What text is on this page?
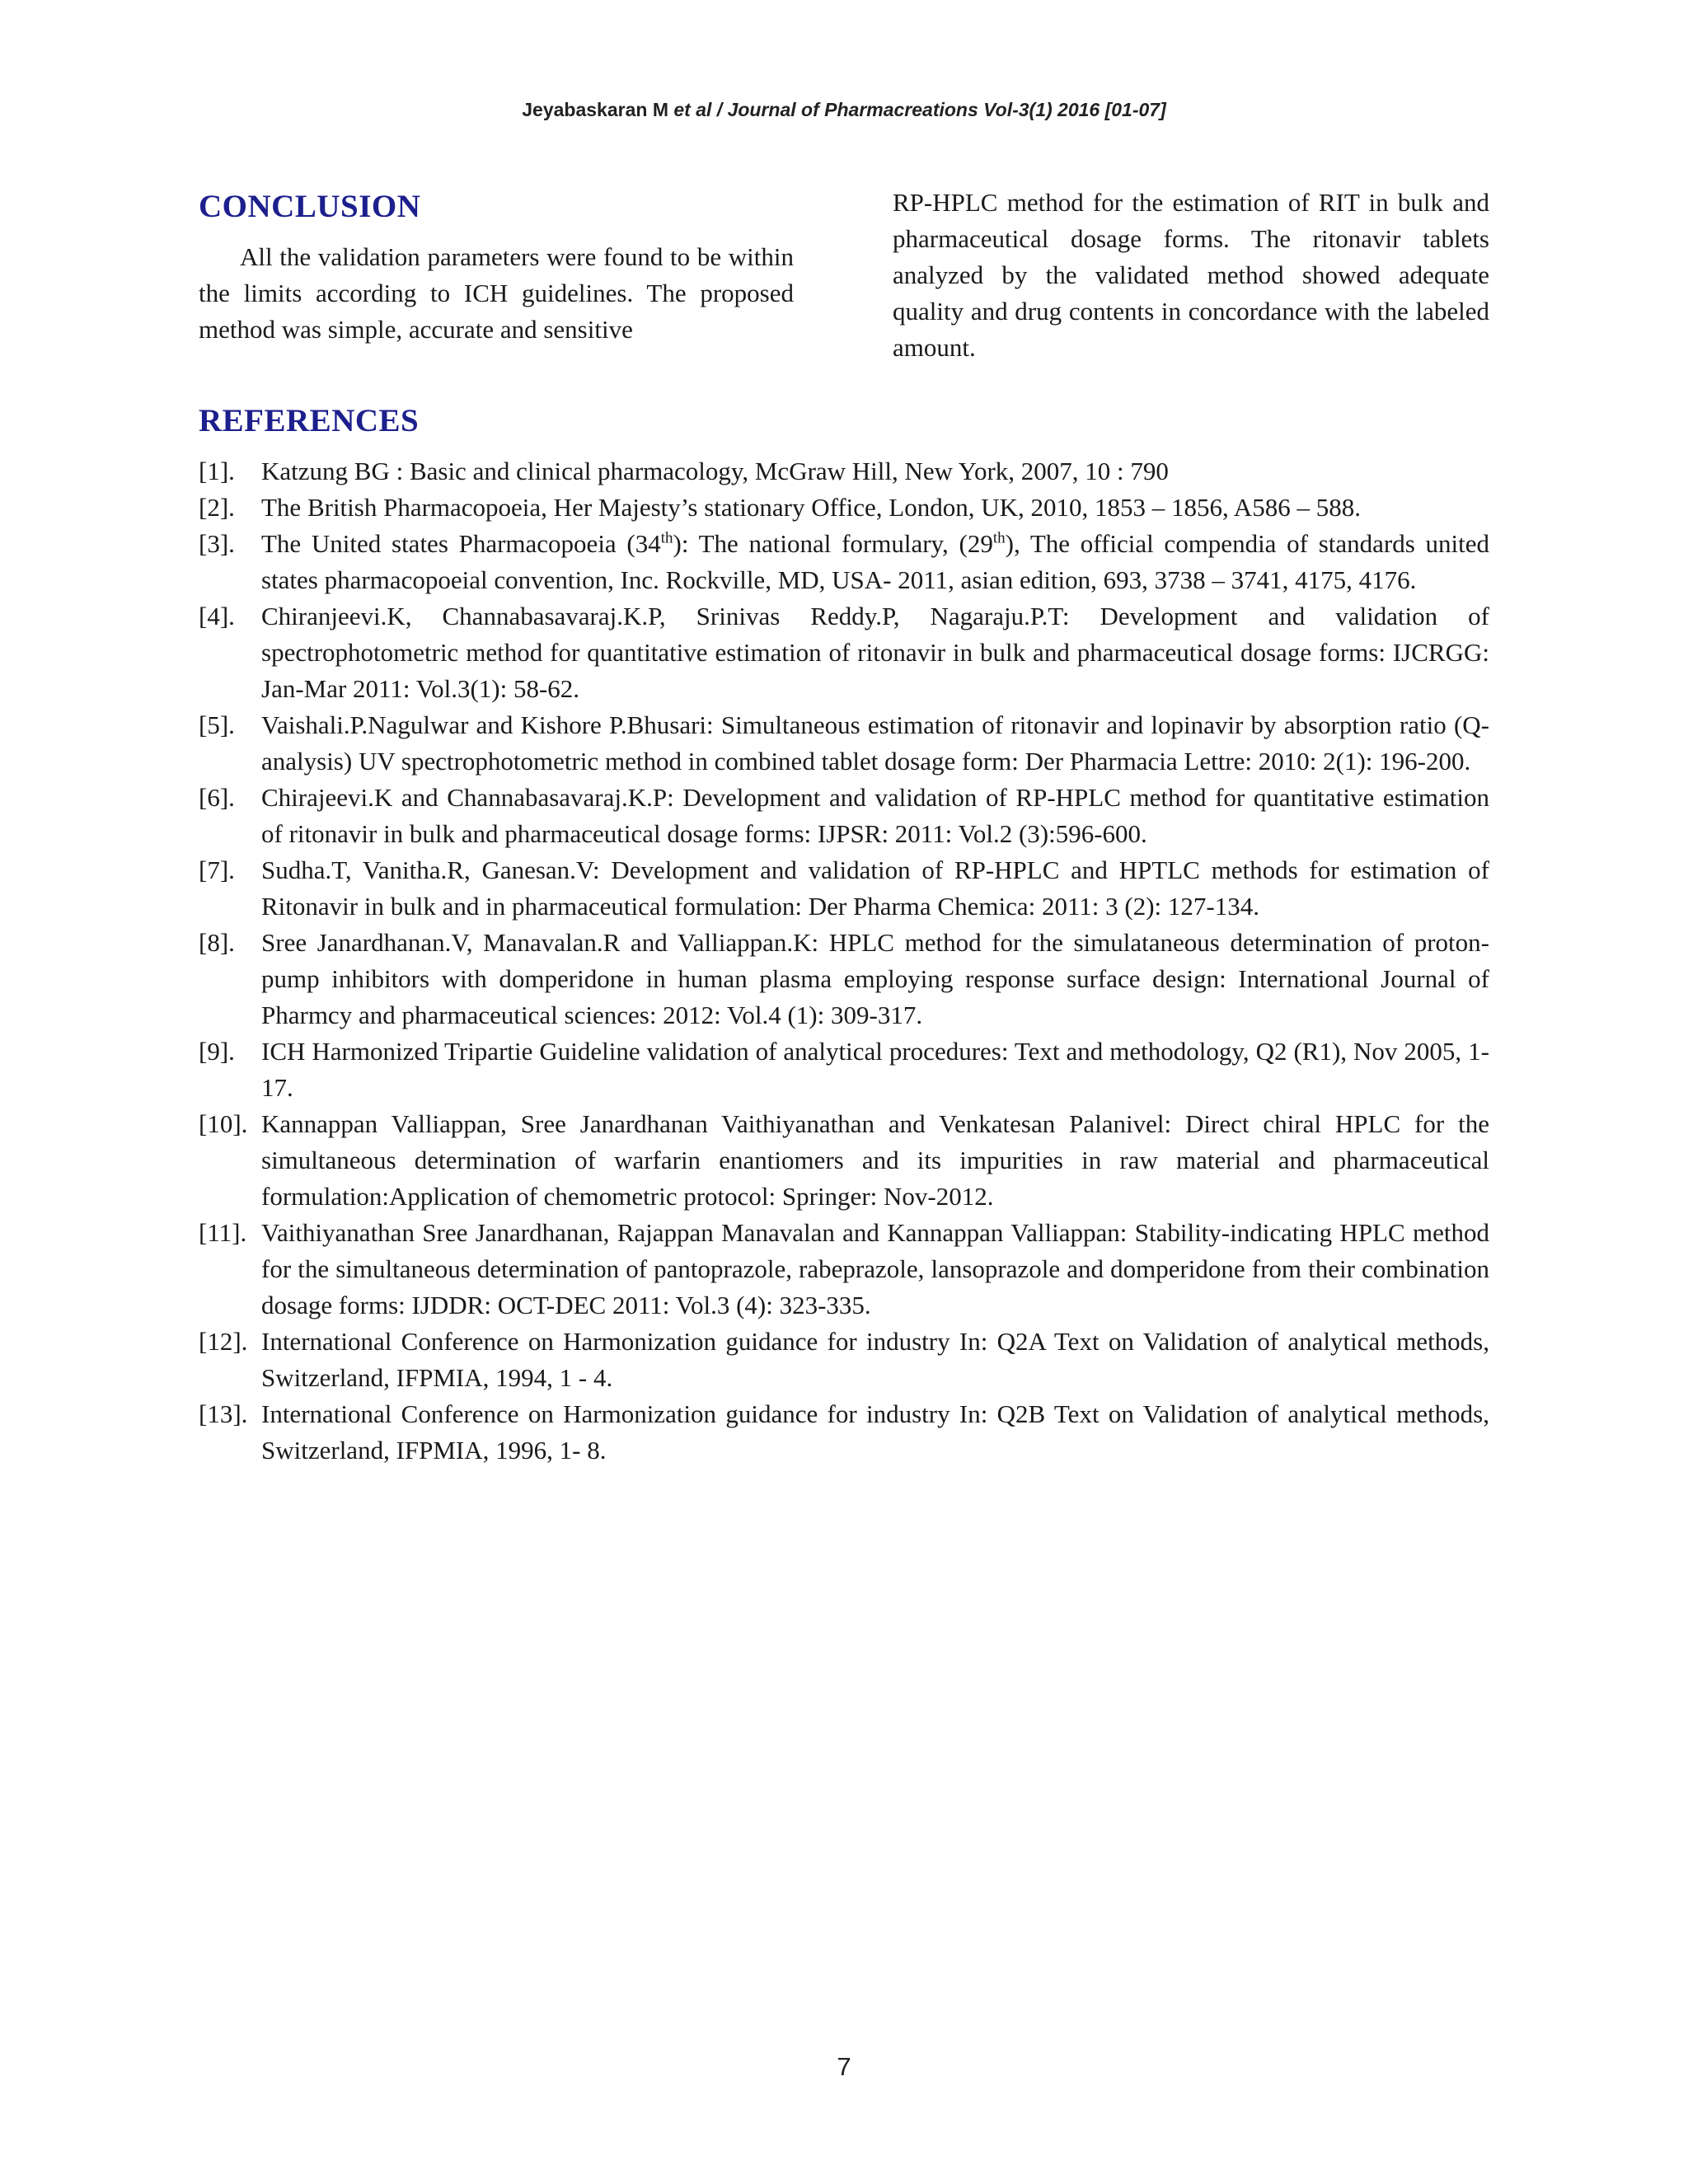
Jeyabaskaran M et al / Journal of Pharmacreations Vol-3(1) 2016 [01-07]
CONCLUSION

All the validation parameters were found to be within the limits according to ICH guidelines. The proposed method was simple, accurate and sensitive

RP-HPLC method for the estimation of RIT in bulk and pharmaceutical dosage forms. The ritonavir tablets analyzed by the validated method showed adequate quality and drug contents in concordance with the labeled amount.

REFERENCES
[1]. Katzung BG : Basic and clinical pharmacology, McGraw Hill, New York, 2007, 10 : 790
[2]. The British Pharmacopoeia, Her Majesty’s stationary Office, London, UK, 2010, 1853 – 1856, A586 – 588.
[3]. The United states Pharmacopoeia (34th): The national formulary, (29th), The official compendia of standards united states pharmacopoeial convention, Inc. Rockville, MD, USA- 2011, asian edition, 693, 3738 – 3741, 4175, 4176.
[4]. Chiranjeevi.K, Channabasavaraj.K.P, Srinivas Reddy.P, Nagaraju.P.T: Development and validation of spectrophotometric method for quantitative estimation of ritonavir in bulk and pharmaceutical dosage forms: IJCRGG: Jan-Mar 2011: Vol.3(1): 58-62.
[5]. Vaishali.P.Nagulwar and Kishore P.Bhusari: Simultaneous estimation of ritonavir and lopinavir by absorption ratio (Q-analysis) UV spectrophotometric method in combined tablet dosage form: Der Pharmacia Lettre: 2010: 2(1): 196-200.
[6]. Chirajeevi.K and Channabasavaraj.K.P: Development and validation of RP-HPLC method for quantitative estimation of ritonavir in bulk and pharmaceutical dosage forms: IJPSR: 2011: Vol.2 (3):596-600.
[7]. Sudha.T, Vanitha.R, Ganesan.V: Development and validation of RP-HPLC and HPTLC methods for estimation of Ritonavir in bulk and in pharmaceutical formulation: Der Pharma Chemica: 2011: 3 (2): 127-134.
[8]. Sree Janardhanan.V, Manavalan.R and Valliappan.K: HPLC method for the simulataneous determination of proton-pump inhibitors with domperidone in human plasma employing response surface design: International Journal of Pharmcy and pharmaceutical sciences: 2012: Vol.4 (1): 309-317.
[9]. ICH Harmonized Tripartie Guideline validation of analytical procedures: Text and methodology, Q2 (R1), Nov 2005, 1-17.
[10]. Kannappan Valliappan, Sree Janardhanan Vaithiyanathan and Venkatesan Palanivel: Direct chiral HPLC for the simultaneous determination of warfarin enantiomers and its impurities in raw material and pharmaceutical formulation:Application of chemometric protocol: Springer: Nov-2012.
[11]. Vaithiyanathan Sree Janardhanan, Rajappan Manavalan and Kannappan Valliappan: Stability-indicating HPLC method for the simultaneous determination of pantoprazole, rabeprazole, lansoprazole and domperidone from their combination dosage forms: IJDDR: OCT-DEC 2011: Vol.3 (4): 323-335.
[12]. International Conference on Harmonization guidance for industry In: Q2A Text on Validation of analytical methods, Switzerland, IFPMIA, 1994, 1 - 4.
[13]. International Conference on Harmonization guidance for industry In: Q2B Text on Validation of analytical methods, Switzerland, IFPMIA, 1996, 1- 8.
7
